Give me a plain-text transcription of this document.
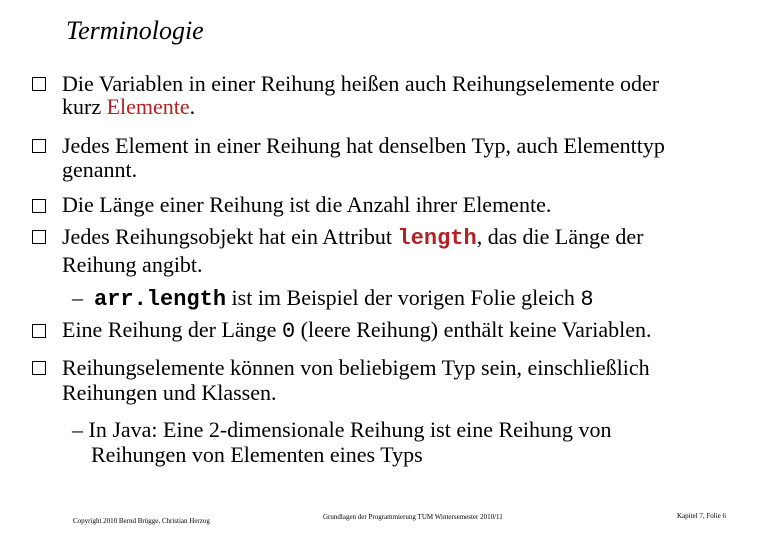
Terminologie
Die Variablen in einer Reihung heißen auch Reihungselemente oder
kurz Elemente.
Jedes Element in einer Reihung hat denselben Typ, auch Elementtyp
genannt.
Die Länge einer Reihung ist die Anzahl ihrer Elemente.
Jedes Reihungsobjekt hat ein Attribut length, das die Länge der
Reihung angibt.
– arr.length ist im Beispiel der vorigen Folie gleich 8
Eine Reihung der Länge 0 (leere Reihung) enthält keine Variablen.
Reihungselemente können von beliebigem Typ sein, einschließlich
Reihungen und Klassen.
– In Java: Eine 2-dimensionale Reihung ist eine Reihung von
Reihungen von Elementen eines Typs
Copyright 2010 Bernd Brügge, Christian Herzog	Grundlagen der Programmierung TUM Wintersemester 2010/11	Kapitel 7, Folie 6
